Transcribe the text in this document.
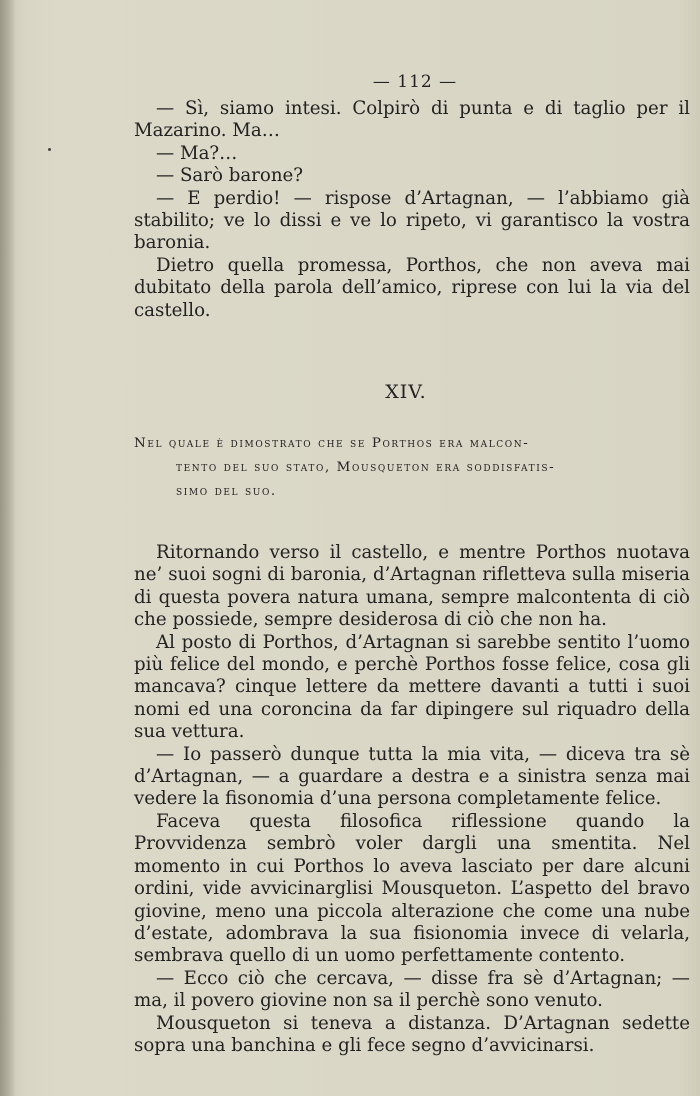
— 112 —

— Sì, siamo intesi. Colpirò di punta e di taglio per il Mazarino. Ma…

— Ma?…

— Sarò barone?

— E perdio! — rispose d’Artagnan, — l’abbiamo già stabilito; ve lo dissi e ve lo ripeto, vi garantisco la vostra baronia.

Dietro quella promessa, Porthos, che non aveva mai dubitato della parola dell’amico, riprese con lui la via del castello.

XIV.
Nel quale è dimostrato che se Porthos era malcon-
tento del suo stato, Mousqueton era soddisfatis-
simo del suo.

Ritornando verso il castello, e mentre Porthos nuotava ne’ suoi sogni di baronia, d’Artagnan rifletteva sulla miseria di questa povera natura umana, sempre malcontenta di ciò che possiede, sempre desiderosa di ciò che non ha.

Al posto di Porthos, d’Artagnan si sarebbe sentito l’uomo più felice del mondo, e perchè Porthos fosse felice, cosa gli mancava? cinque lettere da mettere davanti a tutti i suoi nomi ed una coroncina da far dipingere sul riquadro della sua vettura.

— Io passerò dunque tutta la mia vita, — diceva tra sè d’Artagnan, — a guardare a destra e a sinistra senza mai vedere la fisonomia d’una persona completamente felice.

Faceva questa filosofica riflessione quando la Provvidenza sembrò voler dargli una smentita. Nel momento in cui Porthos lo aveva lasciato per dare alcuni ordini, vide avvicinarglisi Mousqueton. L’aspetto del bravo giovine, meno una piccola alterazione che come una nube d’estate, adombrava la sua fisionomia invece di velarla, sembrava quello di un uomo perfettamente contento.

— Ecco ciò che cercava, — disse fra sè d’Artagnan; — ma, il povero giovine non sa il perchè sono venuto.

Mousqueton si teneva a distanza. D’Artagnan sedette sopra una banchina e gli fece segno d’avvicinarsi.
